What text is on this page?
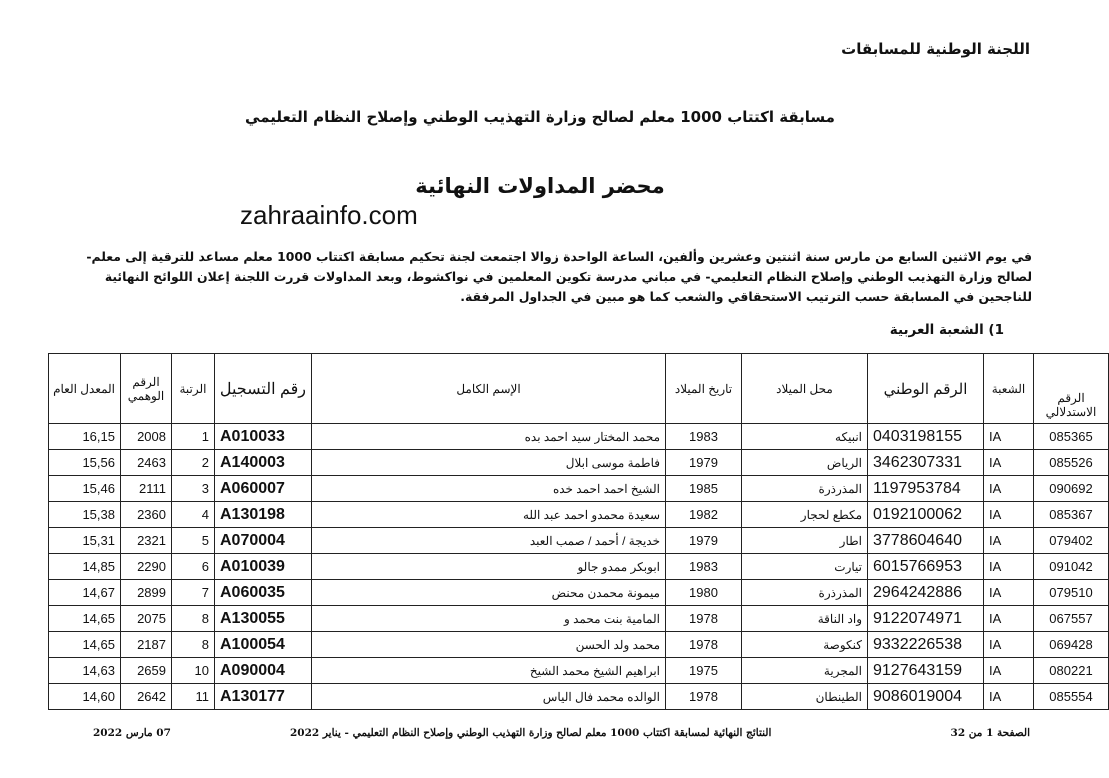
اللجنة الوطنية للمسابقات
مسابقة اكتتاب 1000 معلم لصالح وزارة التهذيب الوطني وإصلاح النظام التعليمي
محضر المداولات النهائية
zahraainfo.com
في يوم الاثنين السابع من مارس سنة اثنتين وعشرين وألفين، الساعة الواحدة زوالا اجتمعت لجنة تحكيم مسابقة اكتتاب 1000 معلم مساعد للترقية إلى معلم- لصالح وزارة التهذيب الوطني وإصلاح النظام التعليمي- في مباني مدرسة تكوين المعلمين في نواكشوط، وبعد المداولات قررت اللجنة إعلان اللوائح النهائية للناجحين في المسابقة حسب الترتيب الاستحقاقي والشعب كما هو مبين في الجداول المرفقة.
1) الشعبة العربية
المعدل العام	الرقم الوهمي	الرتبة	رقم التسجيل	الإسم الكامل	تاريخ الميلاد	محل الميلاد	الرقم الوطني	الشعبة	الرقم الاستدلالي
16,15	2008	1	A010033	محمد المختار سيد احمد بده	1983	انبيكه	0403198155	IA	085365
15,56	2463	2	A140003	فاطمة موسى ابلال	1979	الرياض	3462307331	IA	085526
15,46	2111	3	A060007	الشيخ احمد احمد خده	1985	المذرذرة	1197953784	IA	090692
15,38	2360	4	A130198	سعيدة محمدو احمد عبد الله	1982	مكطع لحجار	0192100062	IA	085367
15,31	2321	5	A070004	خديجة / أحمد / صمب العبد	1979	اطار	3778604640	IA	079402
14,85	2290	6	A010039	ابوبكر ممدو جالو	1983	تيارت	6015766953	IA	091042
14,67	2899	7	A060035	ميمونة محمدن محنض	1980	المذرذرة	2964242886	IA	079510
14,65	2075	8	A130055	المامية بنت محمد و	1978	واد الناقة	9122074971	IA	067557
14,65	2187	8	A100054	محمد ولد الحسن	1978	كنكوصة	9332226538	IA	069428
14,63	2659	10	A090004	ابراهيم الشيخ محمد الشيخ	1975	المجرية	9127643159	IA	080221
14,60	2642	11	A130177	الوالده محمد فال الياس	1978	الطينطان	9086019004	IA	085554
الصفحة 1 من 32
النتائج النهائية لمسابقة اكتتاب 1000 معلم لصالح وزارة التهذيب الوطني وإصلاح النظام التعليمي - يناير 2022
07 مارس 2022
